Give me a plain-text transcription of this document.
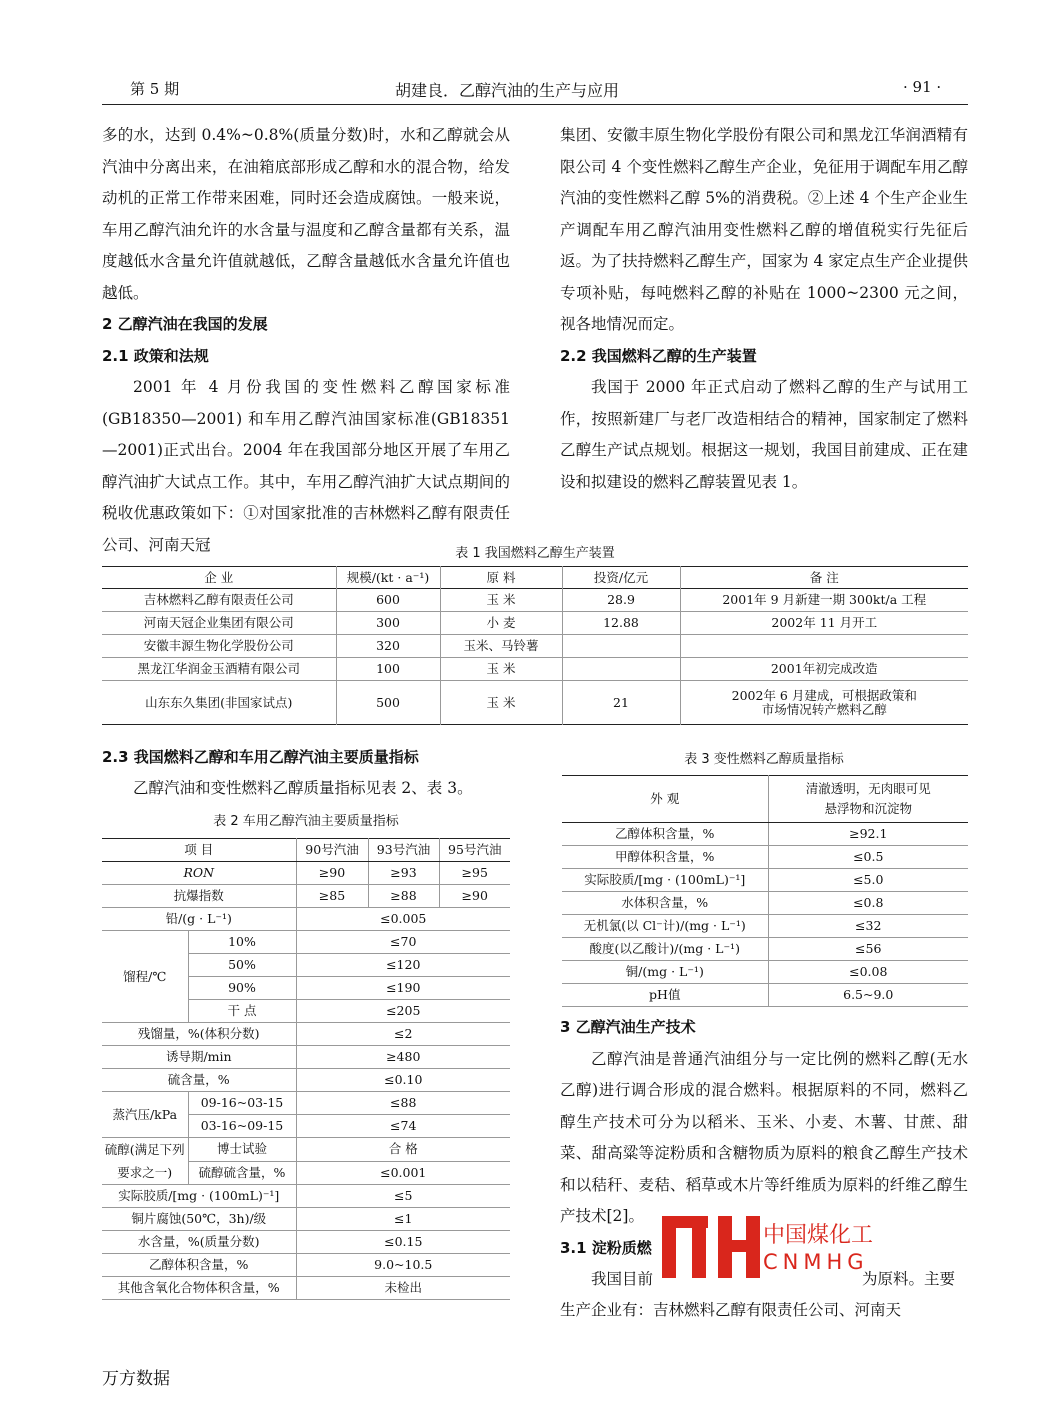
第 5 期	胡建良．乙醇汽油的生产与应用	· 91 ·

多的水，达到 0.4%~0.8%(质量分数)时，水和乙醇就会从汽油中分离出来，在油箱底部形成乙醇和水的混合物，给发动机的正常工作带来困难，同时还会造成腐蚀。一般来说，车用乙醇汽油允许的水含量与温度和乙醇含量都有关系，温度越低水含量允许值就越低，乙醇含量越低水含量允许值也越低。

2 乙醇汽油在我国的发展
2.1 政策和法规

2001 年 4 月份我国的变性燃料乙醇国家标准(GB18350—2001) 和车用乙醇汽油国家标准(GB18351—2001)正式出台。2004 年在我国部分地区开展了车用乙醇汽油扩大试点工作。其中，车用乙醇汽油扩大试点期间的税收优惠政策如下：①对国家批准的吉林燃料乙醇有限责任公司、河南天冠

集团、安徽丰原生物化学股份有限公司和黑龙江华润酒精有限公司 4 个变性燃料乙醇生产企业，免征用于调配车用乙醇汽油的变性燃料乙醇 5%的消费税。②上述 4 个生产企业生产调配车用乙醇汽油用变性燃料乙醇的增值税实行先征后返。为了扶持燃料乙醇生产，国家为 4 家定点生产企业提供专项补贴，每吨燃料乙醇的补贴在 1000~2300 元之间，视各地情况而定。

2.2 我国燃料乙醇的生产装置

我国于 2000 年正式启动了燃料乙醇的生产与试用工作，按照新建厂与老厂改造相结合的精神，国家制定了燃料乙醇生产试点规划。根据这一规划，我国目前建成、正在建设和拟建设的燃料乙醇装置见表 1。

表 1 我国燃料乙醇生产装置
企 业	规模/(kt · a⁻¹)	原 料	投资/亿元	备 注
吉林燃料乙醇有限责任公司	600	玉 米	28.9	2001年 9 月新建一期 300kt/a 工程
河南天冠企业集团有限公司	300	小 麦	12.88	2002年 11 月开工
安徽丰源生物化学股份公司	320	玉米、马铃薯		
黑龙江华润金玉酒精有限公司	100	玉 米		2001年初完成改造
山东东久集团(非国家试点)	500	玉 米	21	2002年 6 月建成，可根据政策和
市场情况转产燃料乙醇
2.3 我国燃料乙醇和车用乙醇汽油主要质量指标
乙醇汽油和变性燃料乙醇质量指标见表 2、表 3。
表 2 车用乙醇汽油主要质量指标
项 目		90号汽油	93号汽油	95号汽油
RON		≥90	≥93	≥95
抗爆指数		≥85	≥88	≥90
铅/(g · L⁻¹)		≤0.005		
馏程/℃	10%	≤70		
	50%	≤120		
	90%	≤190		
	干 点	≤205		
残馏量，%(体积分数)		≤2		
诱导期/min		≥480		
硫含量，%		≤0.10		
蒸汽压/kPa	09-16~03-15	≤88		
	03-16~09-15	≤74		
硫醇(满足下列要求之一)	博士试验	合 格		
	硫醇硫含量，%	≤0.001		
实际胶质/[mg · (100mL)⁻¹]		≤5		
铜片腐蚀(50℃，3h)/级		≤1		
水含量，%(质量分数)		≤0.15		
乙醇体积含量，%		9.0~10.5		
其他含氧化合物体积含量，%		未检出		
表 3 变性燃料乙醇质量指标
外 观	清澈透明，无肉眼可见
悬浮物和沉淀物
乙醇体积含量，%	≥92.1
甲醇体积含量，%	≤0.5
实际胶质/[mg · (100mL)⁻¹]	≤5.0
水体积含量，%	≤0.8
无机氯(以 Cl⁻计)/(mg · L⁻¹)	≤32
酸度(以乙酸计)/(mg · L⁻¹)	≤56
铜/(mg · L⁻¹)	≤0.08
pH值	6.5~9.0
3 乙醇汽油生产技术

乙醇汽油是普通汽油组分与一定比例的燃料乙醇(无水乙醇)进行调合形成的混合燃料。根据原料的不同，燃料乙醇生产技术可分为以稻米、玉米、小麦、木薯、甘蔗、甜菜、甜高粱等淀粉质和含糖物质为原料的粮食乙醇生产技术和以秸秆、麦秸、稻草或木片等纤维质为原料的纤维乙醇生产技术[2]。

3.1 淀粉质燃
我国目前	为原料。主要

生产企业有：吉林燃料乙醇有限责任公司、河南天

中国煤化工
CNMHG
万方数据
